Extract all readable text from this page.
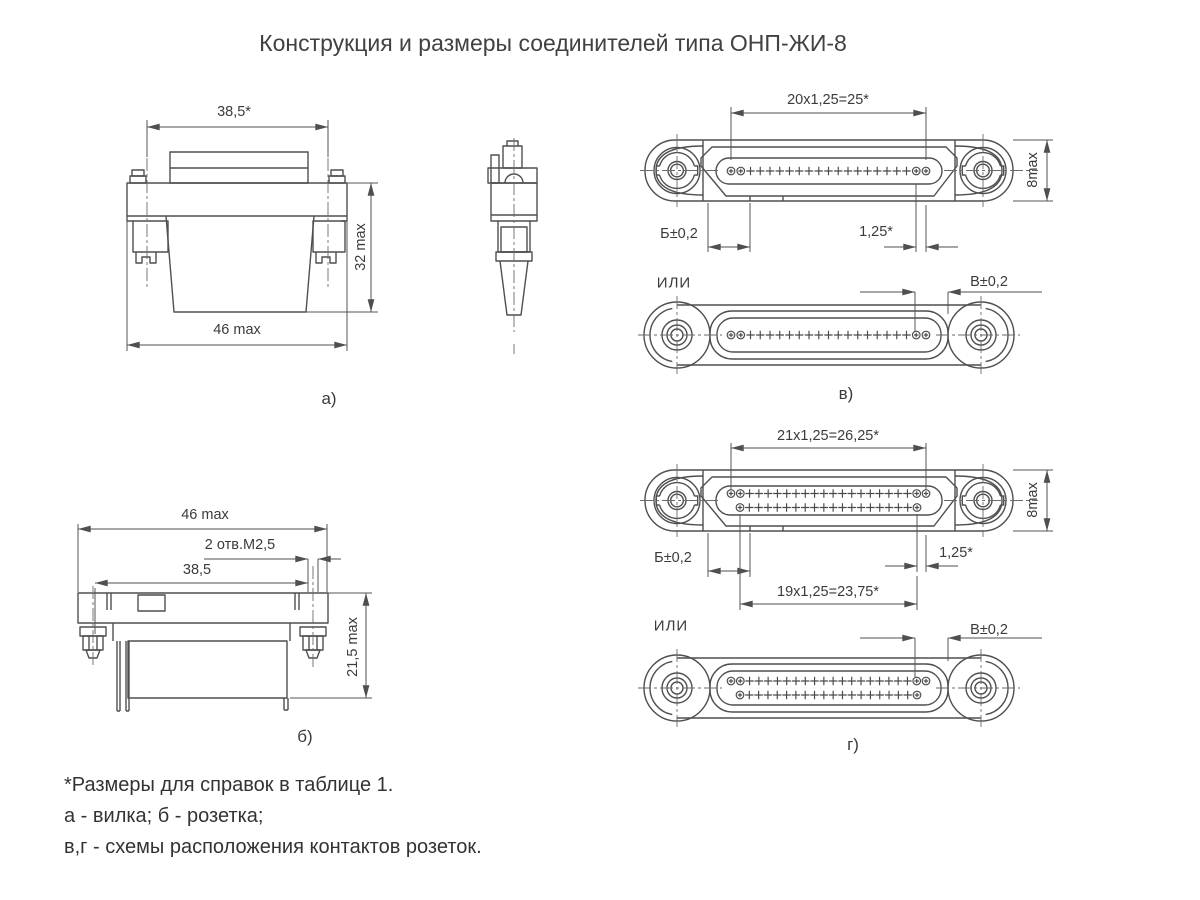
Конструкция и размеры соединителей типа ОНП-ЖИ-8
38,5*
46 max
32 max
а)
46 max
2 отв.М2,5
38,5
21,5 max
б)
20x1,25=25*
8max
Б±0,2	1,25*
ИЛИ	В±0,2
в)
21x1,25=26,25*
8max
Б±0,2	1,25*
19x1,25=23,75*
ИЛИ	В±0,2
г)
*Размеры для справок в таблице 1.
а - вилка; б - розетка;
в,г - схемы расположения контактов розеток.
